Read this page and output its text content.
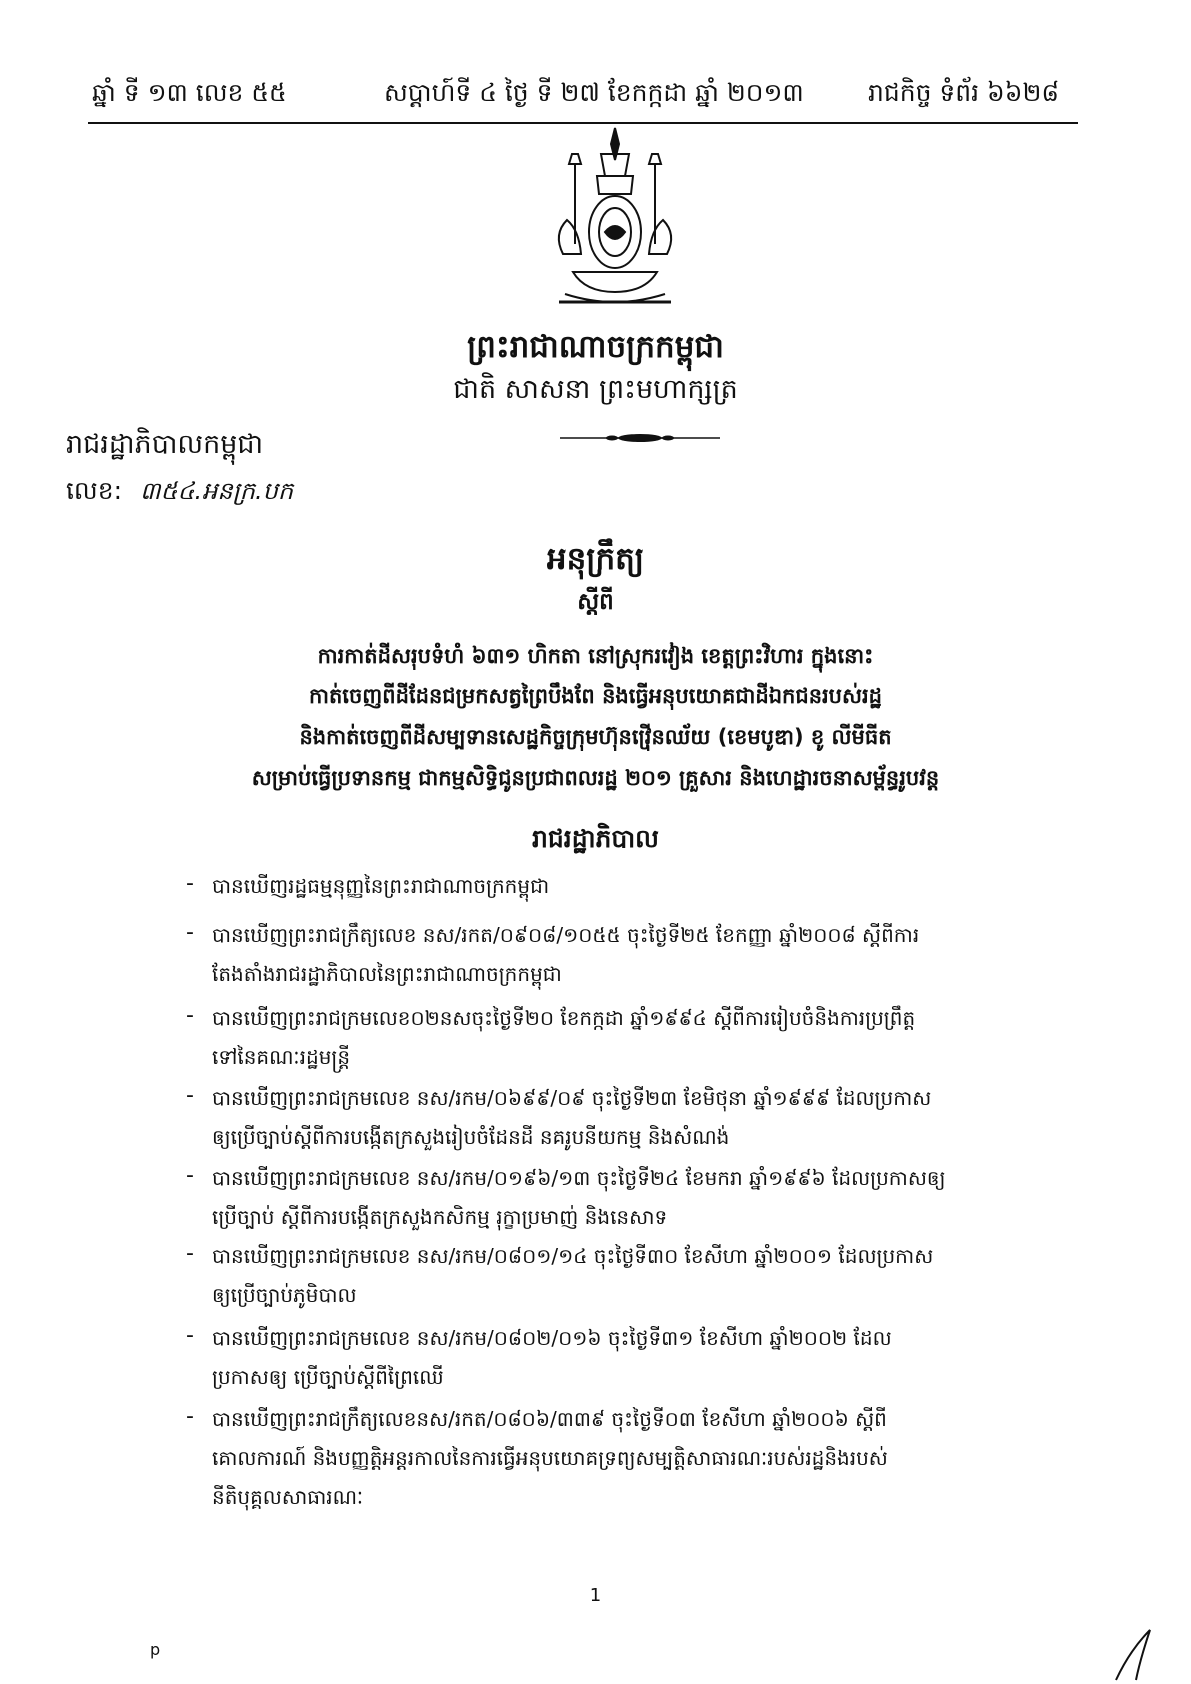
ឆ្នាំ ទី ១៣ លេខ ៥៥	សប្តាហ៍ទី ៤ ថ្ងៃ ទី ២៧ ខែកក្កដា ឆ្នាំ ២០១៣	រាជកិច្ច ទំព័រ ៦៦២៨
ព្រះរាជាណាចក្រកម្ពុជា
ជាតិ សាសនា ព្រះមហាក្សត្រ
រាជរដ្ឋាភិបាលកម្ពុជា
លេខ: ៣៥៤.អនក្រ.បក
អនុក្រឹត្យ
ស្តីពី
ការកាត់ដីសរុបទំហំ ៦៣១ ហិកតា នៅស្រុករវៀង ខេត្តព្រះវិហារ ក្នុងនោះ
កាត់ចេញពីដីដែនជម្រកសត្វព្រៃបឹងពែ និងធ្វើអនុបយោគជាដីឯកជនរបស់រដ្ឋ
និងកាត់ចេញពីដីសម្បទានសេដ្ឋកិច្ចក្រុមហ៊ុនវ្រ៉ើនឈ័យ (ខេមបូឌា) ខូ លីមីធីត
សម្រាប់ធ្វើប្រទានកម្ម ជាកម្មសិទ្ធិជូនប្រជាពលរដ្ឋ ២០១ គ្រួសារ និងហេដ្ឋារចនាសម្ព័ន្ធរូបវន្ត
រាជរដ្ឋាភិបាល
- បានឃើញរដ្ឋធម្មនុញ្ញនៃព្រះរាជាណាចក្រកម្ពុជា
- បានឃើញព្រះរាជក្រឹត្យលេខ នស/រកត/០៩០៨/១០៥៥ ចុះថ្ងៃទី២៥ ខែកញ្ញា ឆ្នាំ២០០៨ ស្តីពីការ
តែងតាំងរាជរដ្ឋាភិបាលនៃព្រះរាជាណាចក្រកម្ពុជា
- បានឃើញព្រះរាជក្រមលេខ០២នសចុះថ្ងៃទី២០ ខែកក្កដា ឆ្នាំ១៩៩៤ ស្តីពីការរៀបចំនិងការប្រព្រឹត្ត
ទៅនៃគណៈរដ្ឋមន្ត្រី
- បានឃើញព្រះរាជក្រមលេខ នស/រកម/០៦៩៩/០៩ ចុះថ្ងៃទី២៣ ខែមិថុនា ឆ្នាំ១៩៩៩ ដែលប្រកាស
ឲ្យប្រើច្បាប់ស្តីពីការបង្កើតក្រសួងរៀបចំដែនដី នគរូបនីយកម្ម និងសំណង់
- បានឃើញព្រះរាជក្រមលេខ នស/រកម/០១៩៦/១៣ ចុះថ្ងៃទី២៤ ខែមករា ឆ្នាំ១៩៩៦ ដែលប្រកាសឲ្យ
ប្រើច្បាប់ ស្តីពីការបង្កើតក្រសួងកសិកម្ម រុក្ខាប្រមាញ់ និងនេសាទ
- បានឃើញព្រះរាជក្រមលេខ នស/រកម/០៨០១/១៤ ចុះថ្ងៃទី៣០ ខែសីហា ឆ្នាំ២០០១ ដែលប្រកាស
ឲ្យប្រើច្បាប់ភូមិបាល
- បានឃើញព្រះរាជក្រមលេខ នស/រកម/០៨០២/០១៦ ចុះថ្ងៃទី៣១ ខែសីហា ឆ្នាំ២០០២ ដែល
ប្រកាសឲ្យ ប្រើច្បាប់ស្តីពីព្រៃឈើ
- បានឃើញព្រះរាជក្រឹត្យលេខនស/រកត/០៨០៦/៣៣៩ ចុះថ្ងៃទី០៣ ខែសីហា ឆ្នាំ២០០៦ ស្តីពី
គោលការណ៍ និងបញ្ញត្តិអន្តរកាលនៃការធ្វើអនុបយោគទ្រព្យសម្បត្តិសាធារណៈរបស់រដ្ឋនិងរបស់
នីតិបុគ្គលសាធារណៈ
1
p
